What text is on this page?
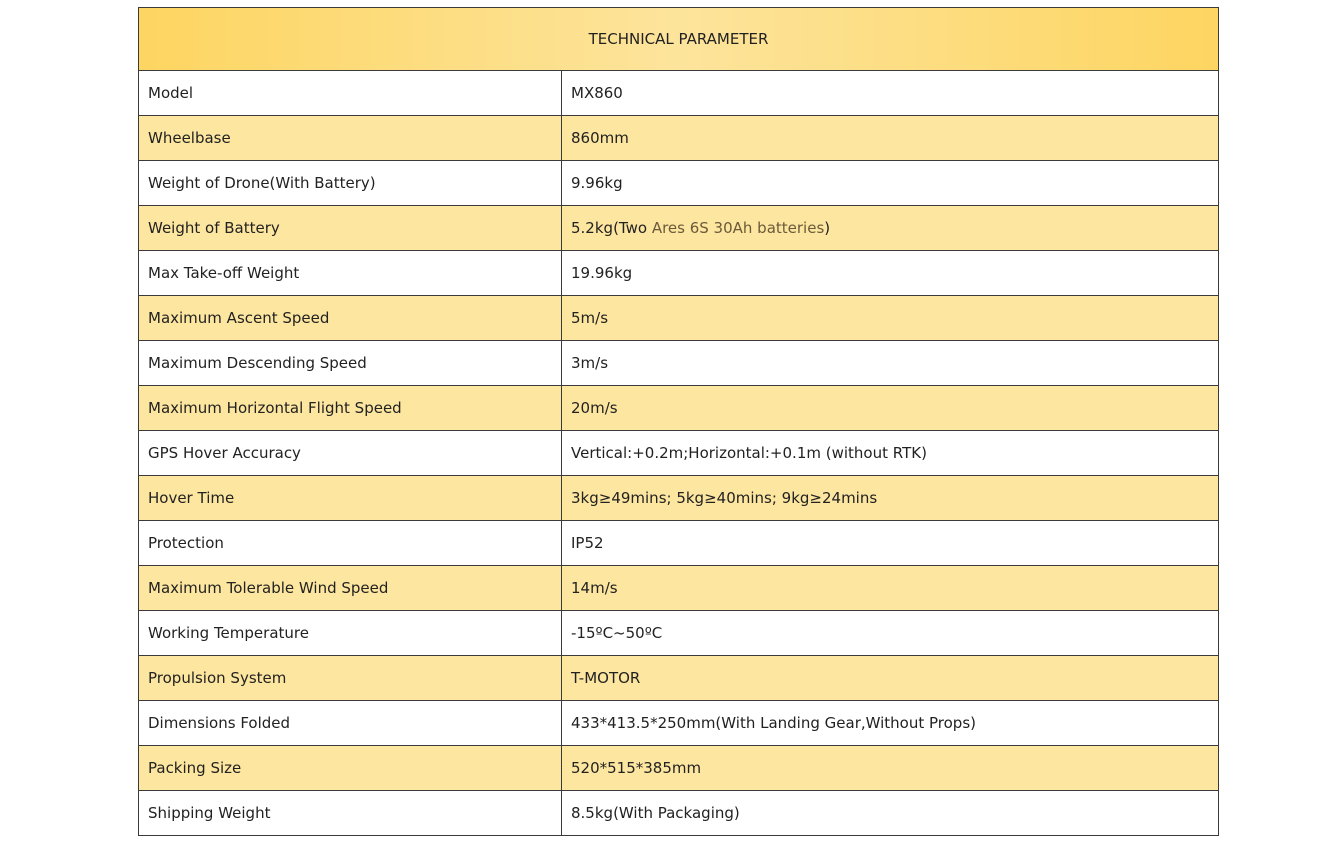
TECHNICAL PARAMETER	
Model	MX860
Wheelbase	860mm
Weight of Drone(With Battery)	9.96kg
Weight of Battery	5.2kg(Two Ares 6S 30Ah batteries)
Max Take-off Weight	19.96kg
Maximum Ascent Speed	5m/s
Maximum Descending Speed	3m/s
Maximum Horizontal Flight Speed	20m/s
GPS Hover Accuracy	Vertical:+0.2m;Horizontal:+0.1m (without RTK)
Hover Time	3kg≥49mins; 5kg≥40mins; 9kg≥24mins
Protection	IP52
Maximum Tolerable Wind Speed	14m/s
Working Temperature	-15ºC~50ºC
Propulsion System	T-MOTOR
Dimensions Folded	433*413.5*250mm(With Landing Gear,Without Props)
Packing Size	520*515*385mm
Shipping Weight	8.5kg(With Packaging)
